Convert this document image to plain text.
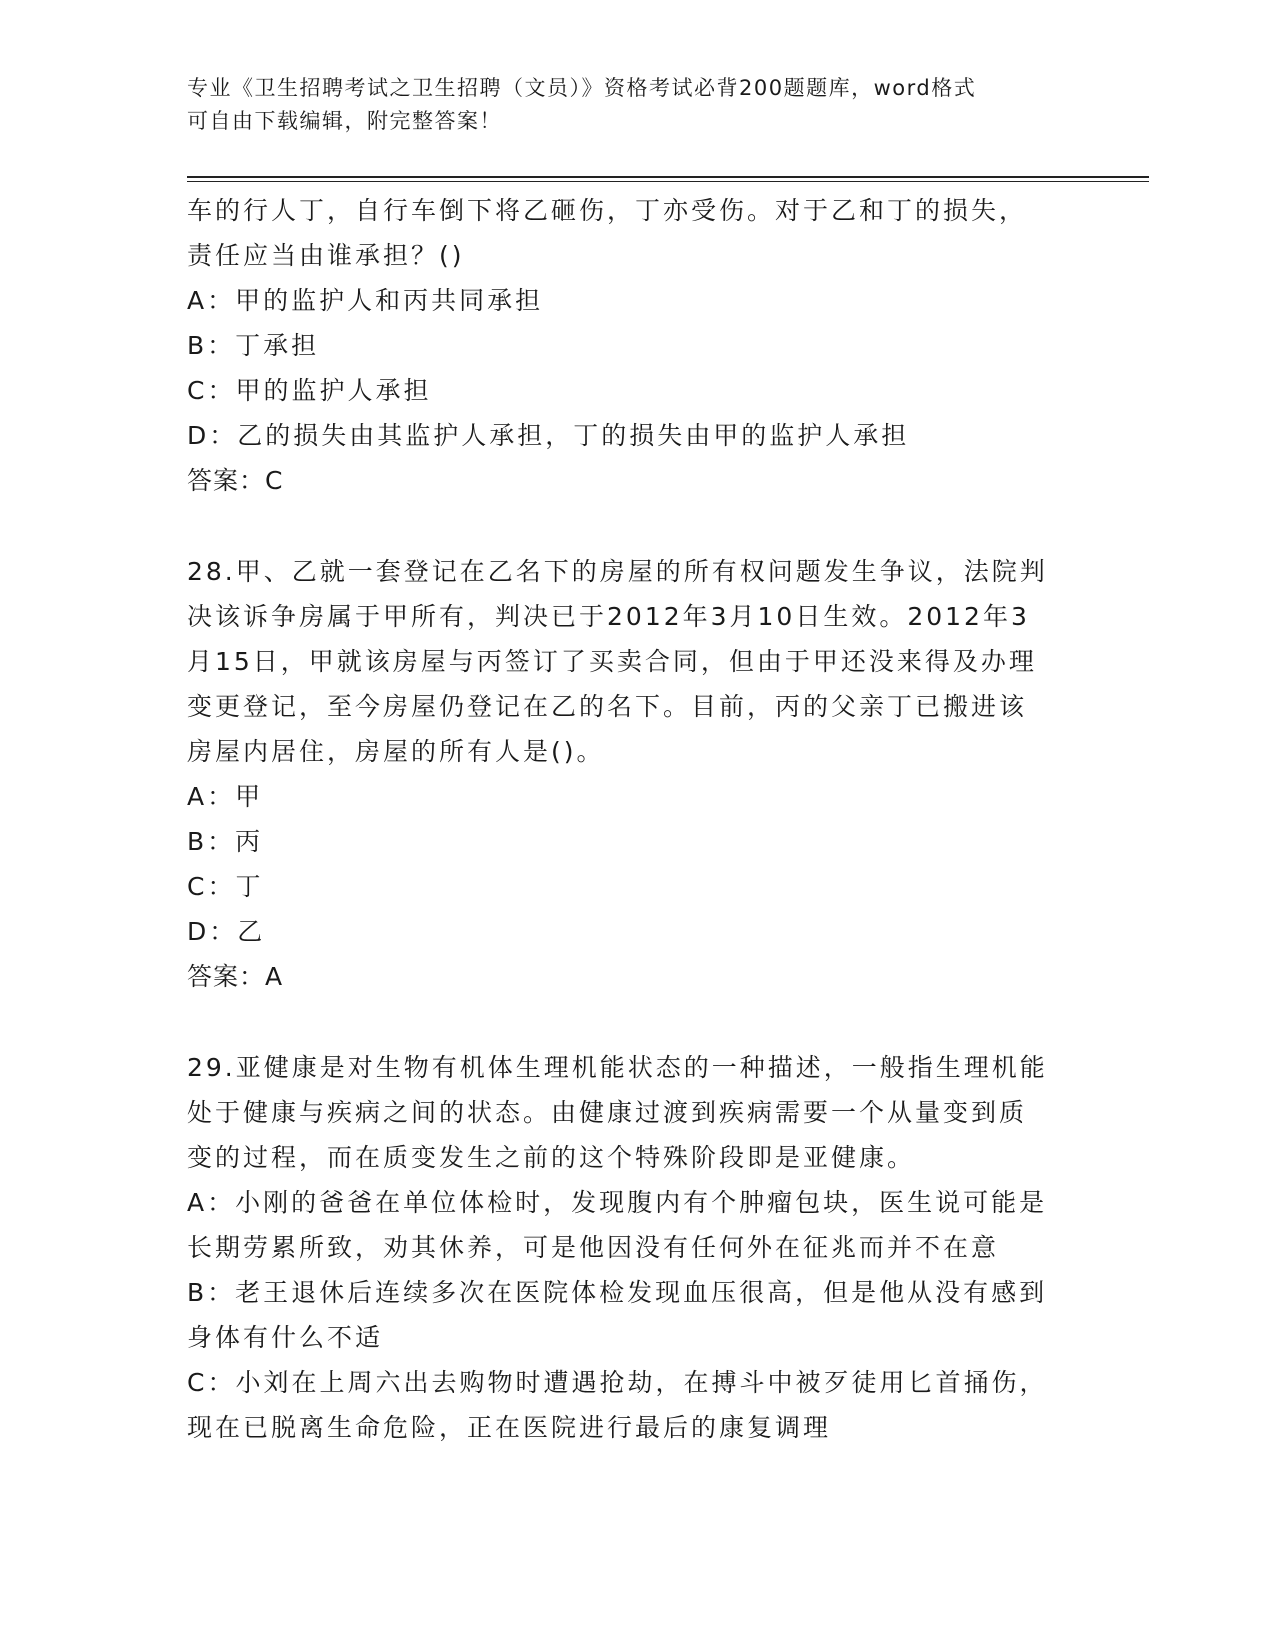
专业《卫生招聘考试之卫生招聘（文员）》资格考试必背200题题库，word格式
可自由下载编辑，附完整答案！
车的行人丁，自行车倒下将乙砸伤，丁亦受伤。对于乙和丁的损失，
责任应当由谁承担？()
A：甲的监护人和丙共同承担
B：丁承担
C：甲的监护人承担
D：乙的损失由其监护人承担，丁的损失由甲的监护人承担
答案：C
28.甲、乙就一套登记在乙名下的房屋的所有权问题发生争议，法院判
决该诉争房属于甲所有，判决已于2012年3月10日生效。2012年3
月15日，甲就该房屋与丙签订了买卖合同，但由于甲还没来得及办理
变更登记，至今房屋仍登记在乙的名下。目前，丙的父亲丁已搬进该
房屋内居住，房屋的所有人是()。
A：甲
B：丙
C：丁
D：乙
答案：A
29.亚健康是对生物有机体生理机能状态的一种描述，一般指生理机能
处于健康与疾病之间的状态。由健康过渡到疾病需要一个从量变到质
变的过程，而在质变发生之前的这个特殊阶段即是亚健康。
A：小刚的爸爸在单位体检时，发现腹内有个肿瘤包块，医生说可能是
长期劳累所致，劝其休养，可是他因没有任何外在征兆而并不在意
B：老王退休后连续多次在医院体检发现血压很高，但是他从没有感到
身体有什么不适
C：小刘在上周六出去购物时遭遇抢劫，在搏斗中被歹徒用匕首捅伤，
现在已脱离生命危险，正在医院进行最后的康复调理
